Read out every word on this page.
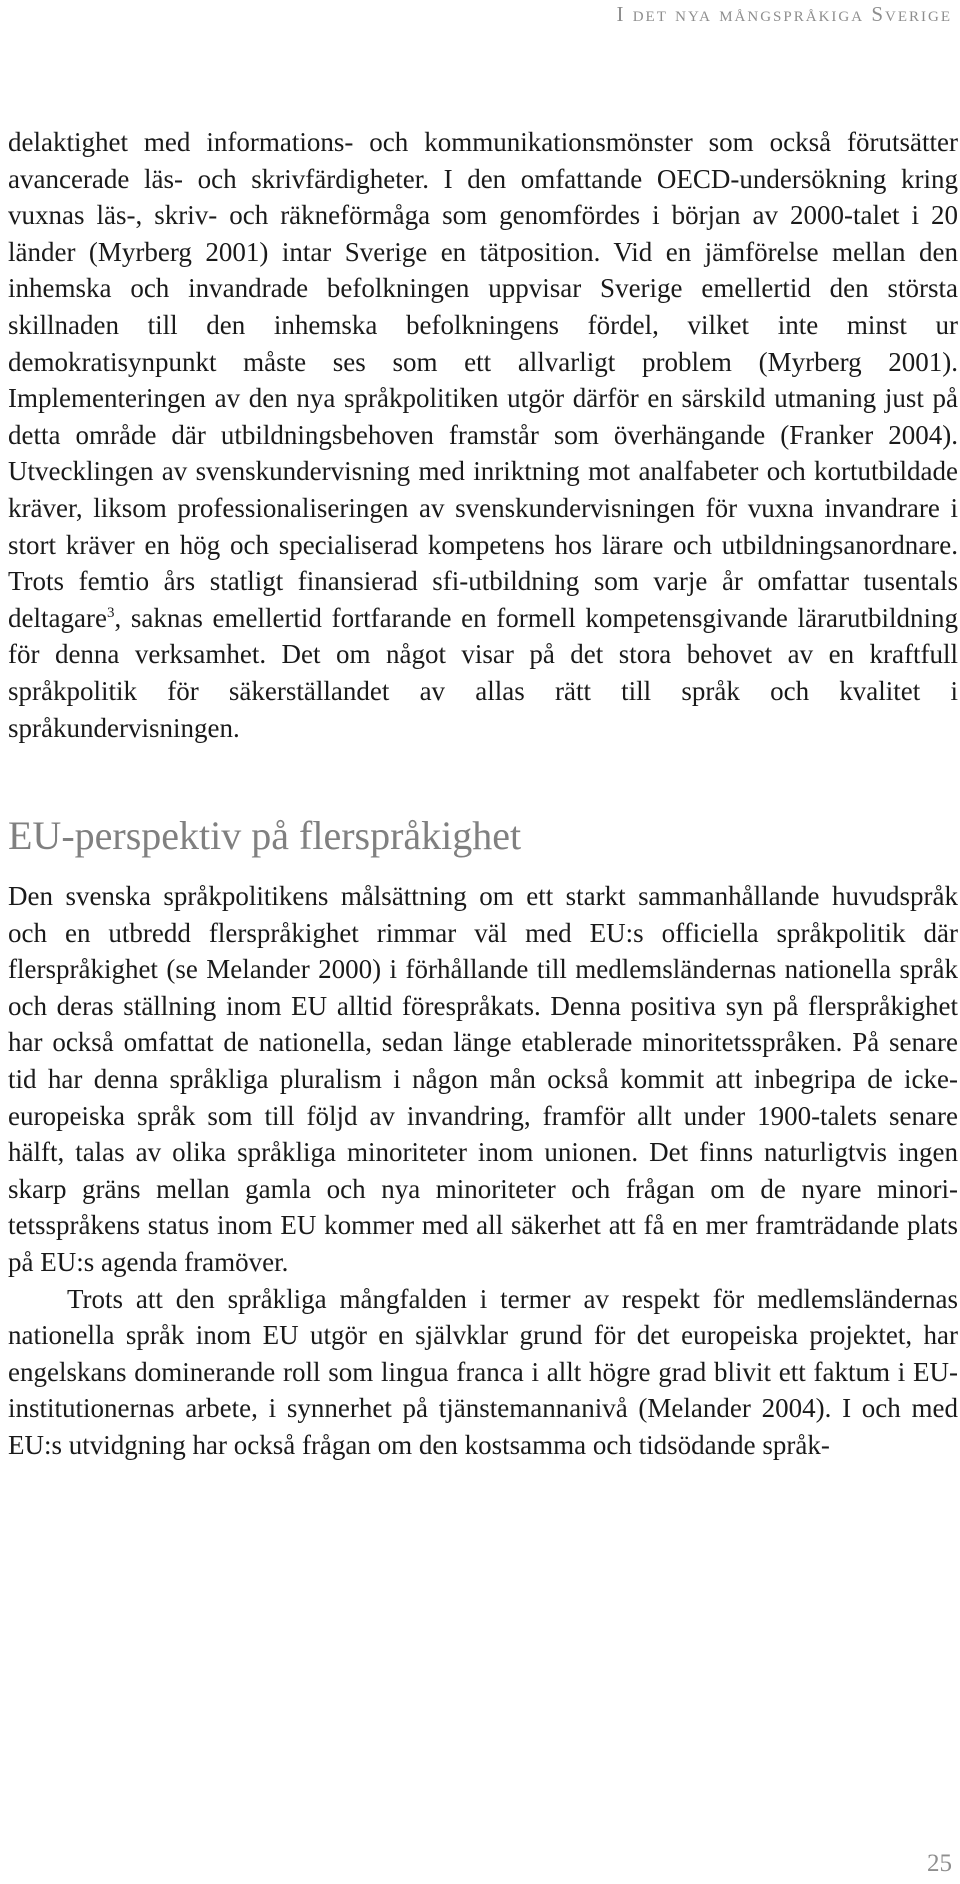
I det nya mångspråkiga Sverige

delaktighet med informations- och kommunikationsmönster som också förutsätter avancerade läs- och skrivfärdigheter. I den omfattande OECD-undersökning kring vuxnas läs-, skriv- och räkneförmåga som genomfördes i början av 2000-talet i 20 länder (Myrberg 2001) intar Sverige en tätposition. Vid en jämförelse mellan den inhemska och invandrade befolkningen uppvisar Sverige emellertid den största skillnaden till den inhemska befolkningens fördel, vilket inte minst ur demokratisynpunkt måste ses som ett allvarligt problem (Myrberg 2001). Implementeringen av den nya språkpolitiken utgör därför en särskild utmaning just på detta område där utbildningsbehoven framstår som överhängande (Franker 2004). Utvecklingen av svenskundervisning med inriktning mot analfabeter och kortutbildade kräver, liksom professionaliseringen av svenskundervisningen för vuxna invandrare i stort kräver en hög och specialiserad kompetens hos lärare och utbildningsanordnare. Trots femtio års statligt finansierad sfi-utbildning som varje år omfattar tusentals deltagare$^3$, saknas emellertid fortfarande en formell kompetensgivande lärarutbildning för denna verksamhet. Det om något visar på det stora behovet av en kraftfull språkpolitik för säkerställandet av allas rätt till språk och kvalitet i språkundervisningen.

EU-perspektiv på flerspråkighet

Den svenska språkpolitikens målsättning om ett starkt sammanhållande huvudspråk och en utbredd flerspråkighet rimmar väl med EU:s officiella språkpolitik där flerspråkighet (se Melander 2000) i förhållande till medlemsländernas nationella språk och deras ställning inom EU alltid förespråkats. Denna positiva syn på flerspråkighet har också omfattat de nationella, sedan länge etablerade minoritetsspråken. På senare tid har denna språkliga pluralism i någon mån också kommit att inbegripa de icke-europeiska språk som till följd av invandring, framför allt under 1900-talets senare hälft, talas av olika språkliga minoriteter inom unionen. Det finns naturligtvis ingen skarp gräns mellan gamla och nya minoriteter och frågan om de nyare minoritetsspråkens status inom EU kommer med all säkerhet att få en mer framträdande plats på EU:s agenda framöver.

Trots att den språkliga mångfalden i termer av respekt för medlemsländernas nationella språk inom EU utgör en självklar grund för det europeiska projektet, har engelskans dominerande roll som lingua franca i allt högre grad blivit ett faktum i EU-institutionernas arbete, i synnerhet på tjänstemannanivå (Melander 2004). I och med EU:s utvidgning har också frågan om den kostsamma och tidsödande språk-

25
